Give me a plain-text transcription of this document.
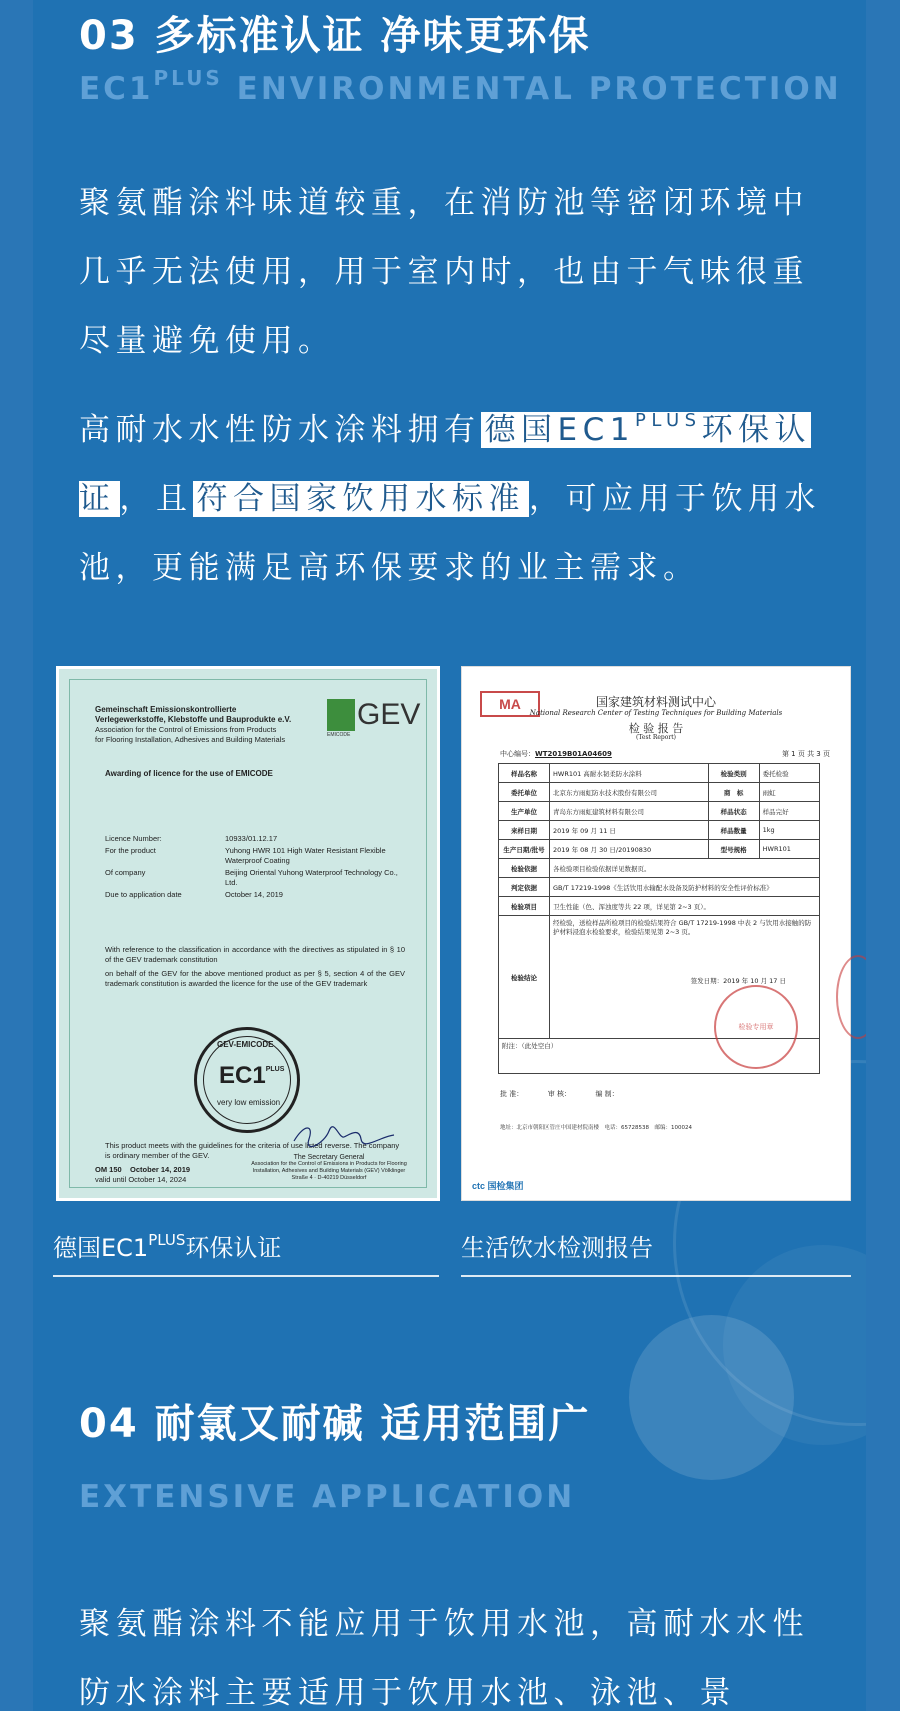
03 多标准认证 净味更环保
$EC1^{PLUS}$ ENVIRONMENTAL PROTECTION
聚氨酯涂料味道较重，在消防池等密闭环境中几乎无法使用，用于室内时，也由于气味很重尽量避免使用。
高耐水水性防水涂料拥有 德国$EC1^{PLUS}$环保认证 ，且 符合国家饮用水标准 ，可应用于饮用水池，更能满足高环保要求的业主需求。
Gemeinschaft Emissionskontrollierte
Verlegewerkstoffe, Klebstoffe und Bauprodukte e.V.
Association for the Control of Emissions from Products
for Flooring Installation, Adhesives and Building Materials
GEV
EMICODE
Awarding of licence for the use of EMICODE
Licence Number:	10933/01.12.17
For the product	Yuhong HWR 101 High Water Resistant Flexible Waterproof Coating
Of company	Beijing Oriental Yuhong Waterproof Technology Co., Ltd.
Due to application date	October 14, 2019
With reference to the classification in accordance with the directives as stipulated in § 10 of the GEV trademark constitution
on behalf of the GEV for the above mentioned product as per § 5, section 4 of the GEV trademark constitution is awarded the licence for the use of the GEV trademark
GEV-EMICODE
$EC1^{PLUS}$
very low emission
This product meets with the guidelines for the criteria of use listed reverse. The company is ordinary member of the GEV.
OM 150 October 14, 2019
valid until October 14, 2024
The Secretary General
Association for the Control of Emissions in Products for Flooring Installation, Adhesives and Building Materials (GEV) Völklinger Straße 4 · D-40219 Düsseldorf
MA	国家建筑材料测试中心
National Research Center of Testing Techniques for Building Materials
检 验 报 告
(Test Report)
中心编号：WT2019B01A04609	第 1 页 共 3 页
样品名称	HWR101 高耐水韧柔防水涂料	检验类别	委托检验
委托单位	北京东方雨虹防水技术股份有限公司	商　标	雨虹
生产单位	青岛东方雨虹建筑材料有限公司	样品状态	样品完好
来样日期	2019 年 09 月 11 日	样品数量	1kg
生产日期/批号	2019 年 08 月 30 日/20190830	型号规格	HWR101
检验依据	各检验项目检验依据详见数据页。		
判定依据	GB/T 17219-1998《生活饮用水输配水设备及防护材料的安全性评价标准》		
检验项目	卫生性能（色、浑浊度等共 22 项，详见第 2~3 页）。		
检验结论	经检验，送检样品所检项目的检验结果符合 GB/T 17219-1998 中表 2 与饮用水接触的防护材料浸泡水检验要求，检验结果见第 2~3 页。
签发日期：2019 年 10 月 17 日		

附注：（此处空白）			
检验专用章
批 准：　　　　审 核：　　　　编 制：
地址：北京市朝阳区管庄中国建材院南楼　电话：65728538　邮编：100024
ctc 国检集团
德国$EC1^{PLUS}$环保认证	生活饮水检测报告
04 耐氯又耐碱 适用范围广
EXTENSIVE APPLICATION
聚氨酯涂料不能应用于饮用水池，高耐水水性防水涂料主要适用于饮用水池、泳池、景
